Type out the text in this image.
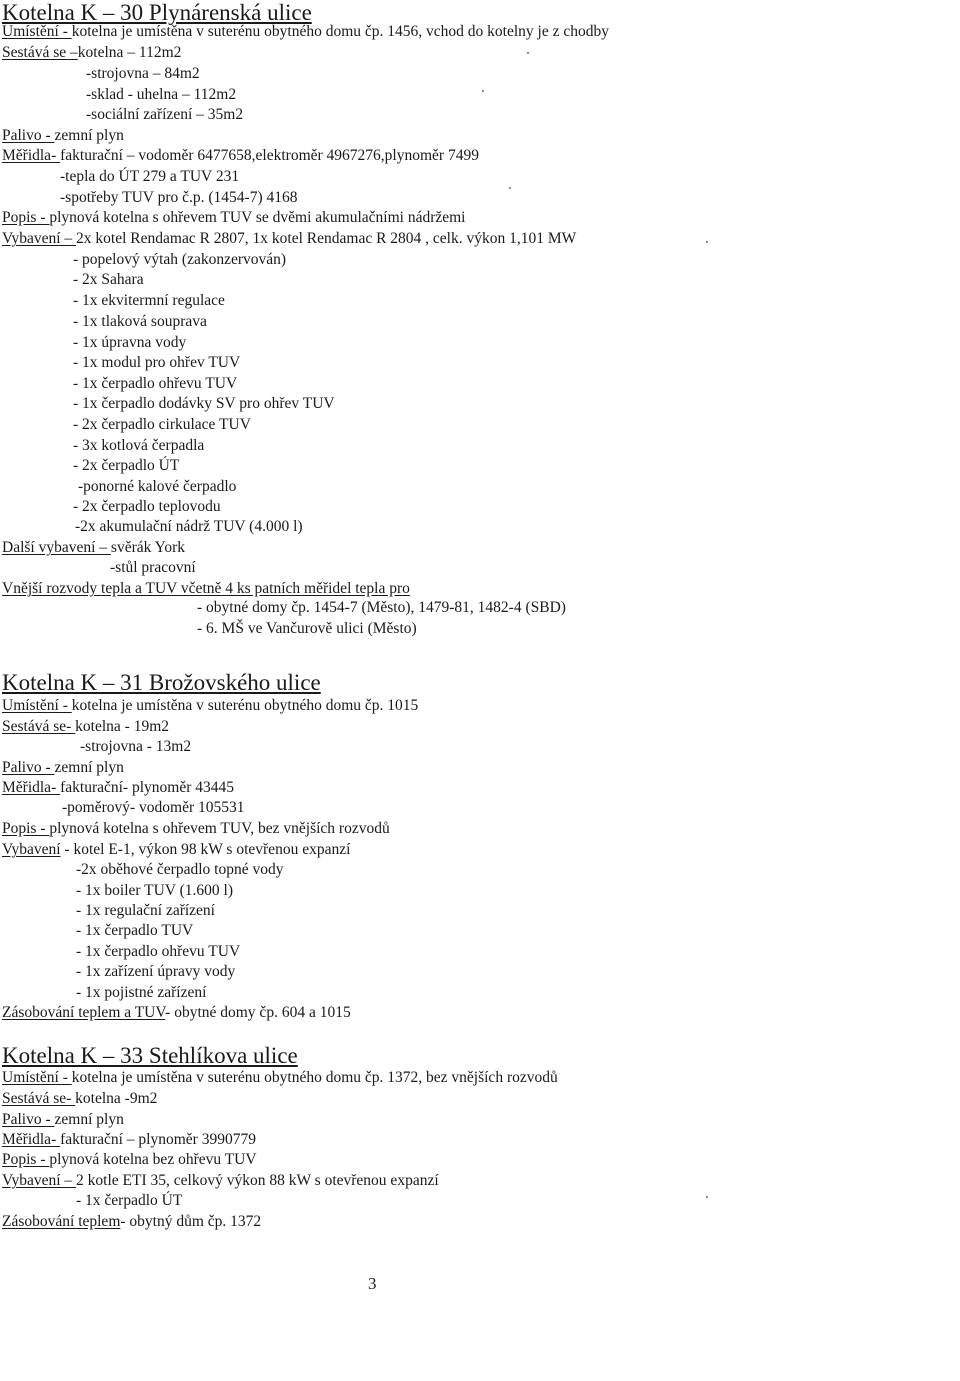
Kotelna K – 30 Plynárenská ulice
Kotelna K – 31 Brožovského ulice
Kotelna K – 33 Stehlíkova ulice
Umístění - kotelna je umístěna v suterénu obytného domu čp. 1456, vchod do kotelny je z chodby
Sestává se –kotelna – 112m2
-strojovna – 84m2
-sklad - uhelna – 112m2
-sociální zařízení – 35m2
Palivo - zemní plyn
Měřidla- fakturační – vodoměr 6477658,elektroměr 4967276,plynoměr 7499
-tepla do ÚT 279 a TUV 231
-spotřeby TUV pro č.p. (1454-7) 4168
Popis - plynová kotelna s ohřevem TUV se dvěmi akumulačními nádržemi
Vybavení – 2x kotel Rendamac R 2807, 1x kotel Rendamac R 2804 , celk. výkon 1,101 MW
- popelový výtah (zakonzervován)
- 2x Sahara
- 1x ekvitermní regulace
- 1x tlaková souprava
- 1x úpravna vody
- 1x modul pro ohřev TUV
- 1x čerpadlo ohřevu TUV
- 1x čerpadlo dodávky SV pro ohřev TUV
- 2x čerpadlo cirkulace TUV
- 3x kotlová čerpadla
- 2x čerpadlo ÚT
-ponorné kalové čerpadlo
- 2x čerpadlo teplovodu
-2x akumulační nádrž TUV (4.000 l)
Další vybavení – svěrák York
-stůl pracovní
Vnější rozvody tepla a TUV včetně 4 ks patních měřidel tepla pro
- obytné domy čp. 1454-7 (Město), 1479-81, 1482-4 (SBD)
- 6. MŠ ve Vančurově ulici (Město)
Umístění - kotelna je umístěna v suterénu obytného domu čp. 1015
Sestává se- kotelna - 19m2
-strojovna - 13m2
Palivo - zemní plyn
Měřidla- fakturační- plynoměr 43445
-poměrový- vodoměr 105531
Popis - plynová kotelna s ohřevem TUV, bez vnějších rozvodů
Vybavení - kotel E-1, výkon 98 kW s otevřenou expanzí
-2x oběhové čerpadlo topné vody
- 1x boiler TUV (1.600 l)
- 1x regulační zařízení
- 1x čerpadlo TUV
- 1x čerpadlo ohřevu TUV
- 1x zařízení úpravy vody
- 1x pojistné zařízení
Zásobování teplem a TUV- obytné domy čp. 604 a 1015
Umístění - kotelna je umístěna v suterénu obytného domu čp. 1372, bez vnějších rozvodů
Sestává se- kotelna -9m2
Palivo - zemní plyn
Měřidla- fakturační – plynoměr 3990779
Popis - plynová kotelna bez ohřevu TUV
Vybavení – 2 kotle ETI 35, celkový výkon 88 kW s otevřenou expanzí
- 1x čerpadlo ÚT
Zásobování teplem- obytný dům čp. 1372
3
